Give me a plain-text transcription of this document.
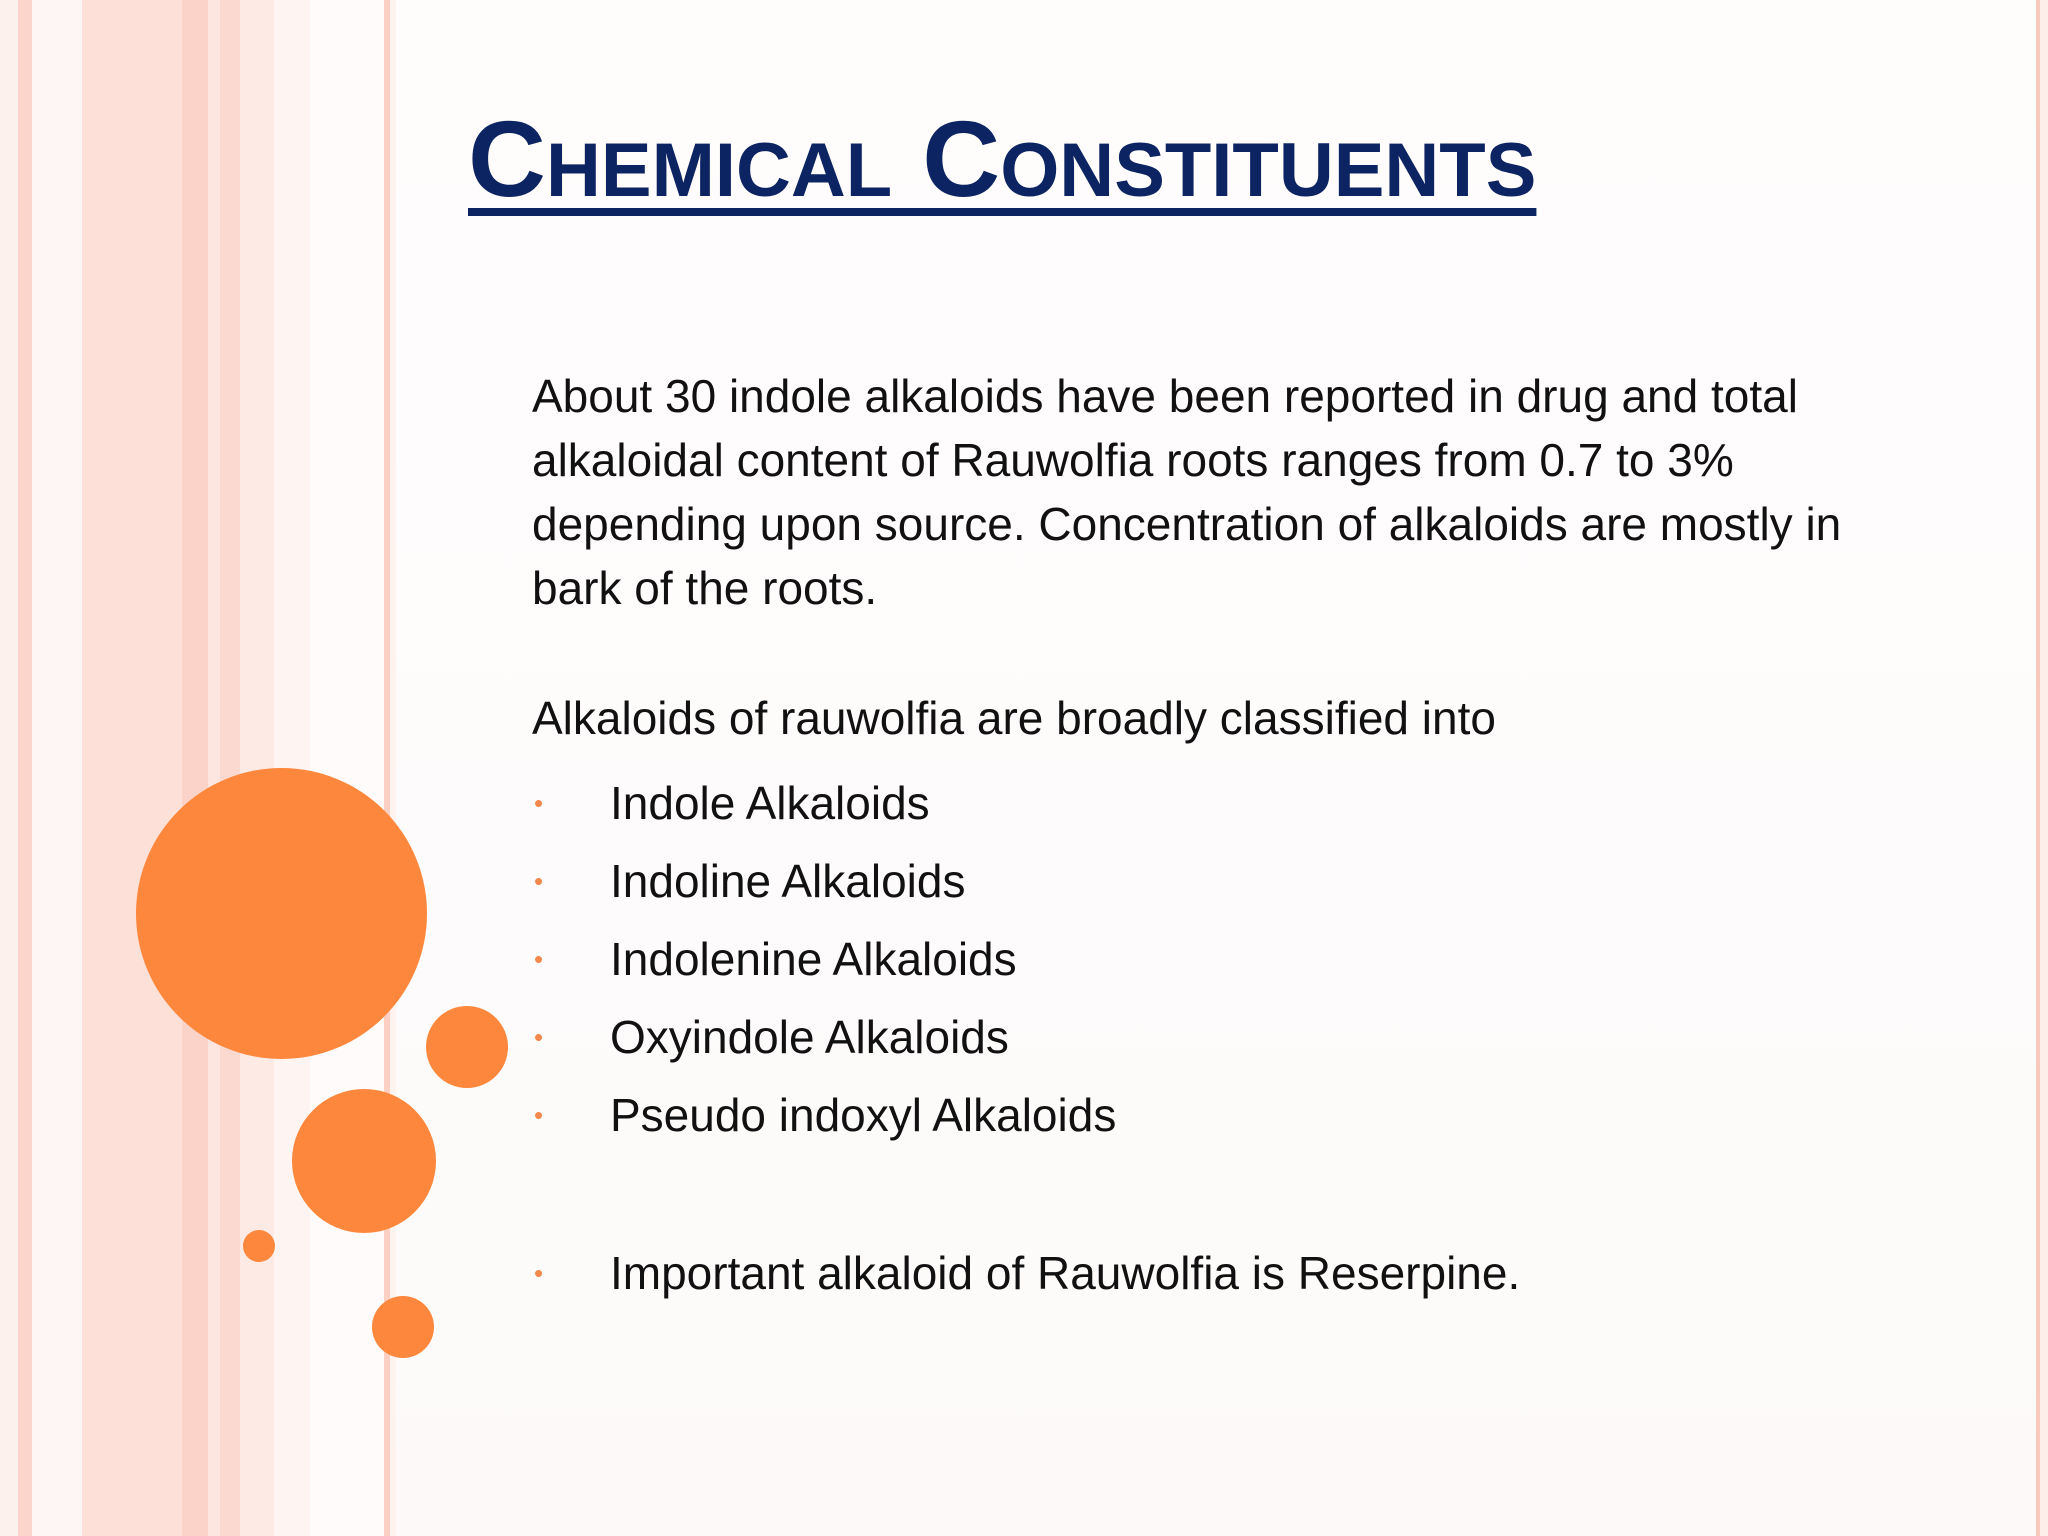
Chemical Constituents

About 30 indole alkaloids have been reported in drug and total alkaloidal content of Rauwolfia roots ranges from 0.7 to 3% depending upon source. Concentration of alkaloids are mostly in bark of the roots.

Alkaloids of rauwolfia are broadly classified into

• Indole Alkaloids
• Indoline Alkaloids
• Indolenine Alkaloids
• Oxyindole Alkaloids
• Pseudo indoxyl Alkaloids
• Important alkaloid of Rauwolfia is Reserpine.
